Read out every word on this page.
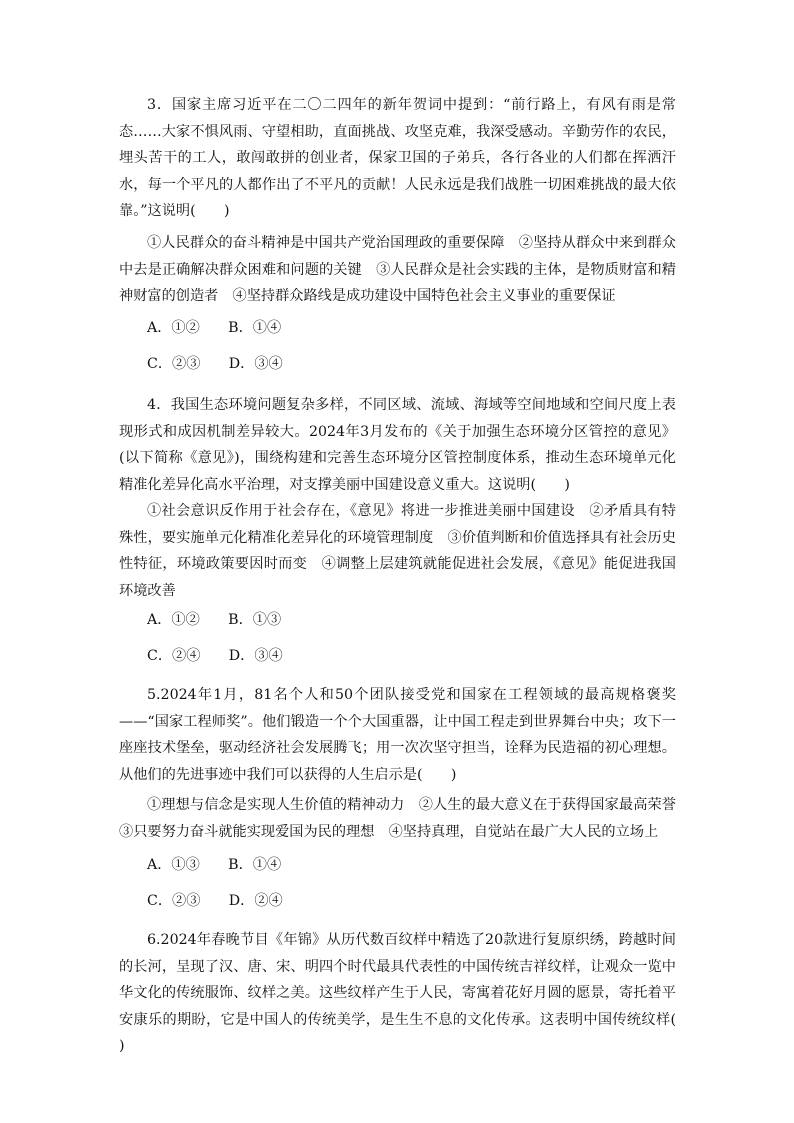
3．国家主席习近平在二〇二四年的新年贺词中提到：“前行路上，有风有雨是常态……大家不惧风雨、守望相助，直面挑战、攻坚克难，我深受感动。辛勤劳作的农民，埋头苦干的工人，敢闯敢拼的创业者，保家卫国的子弟兵，各行各业的人们都在挥洒汗水，每一个平凡的人都作出了不平凡的贡献！人民永远是我们战胜一切困难挑战的最大依靠。”这说明(　　)

①人民群众的奋斗精神是中国共产党治国理政的重要保障　②坚持从群众中来到群众中去是正确解决群众困难和问题的关键　③人民群众是社会实践的主体，是物质财富和精神财富的创造者　④坚持群众路线是成功建设中国特色社会主义事业的重要保证

A．①②　　B．①④
C．②③　　D．③④

4．我国生态环境问题复杂多样，不同区域、流域、海域等空间地域和空间尺度上表现形式和成因机制差异较大。2024年3月发布的《关于加强生态环境分区管控的意见》(以下简称《意见》)，围绕构建和完善生态环境分区管控制度体系，推动生态环境单元化精准化差异化高水平治理，对支撑美丽中国建设意义重大。这说明(　　)

①社会意识反作用于社会存在，《意见》将进一步推进美丽中国建设　②矛盾具有特殊性，要实施单元化精准化差异化的环境管理制度　③价值判断和价值选择具有社会历史性特征，环境政策要因时而变　④调整上层建筑就能促进社会发展，《意见》能促进我国环境改善

A．①②　　B．①③
C．②④　　D．③④

5.2024年1月，81名个人和50个团队接受党和国家在工程领域的最高规格褒奖——“国家工程师奖”。他们锻造一个个大国重器，让中国工程走到世界舞台中央；攻下一座座技术堡垒，驱动经济社会发展腾飞；用一次次坚守担当，诠释为民造福的初心理想。从他们的先进事迹中我们可以获得的人生启示是(　　)

①理想与信念是实现人生价值的精神动力　②人生的最大意义在于获得国家最高荣誉　③只要努力奋斗就能实现爱国为民的理想　④坚持真理，自觉站在最广大人民的立场上

A．①③　　B．①④
C．②③　　D．②④

6.2024年春晚节目《年锦》从历代数百纹样中精选了20款进行复原织绣，跨越时间的长河，呈现了汉、唐、宋、明四个时代最具代表性的中国传统吉祥纹样，让观众一览中华文化的传统服饰、纹样之美。这些纹样产生于人民，寄寓着花好月圆的愿景，寄托着平安康乐的期盼，它是中国人的传统美学，是生生不息的文化传承。这表明中国传统纹样(　　)
